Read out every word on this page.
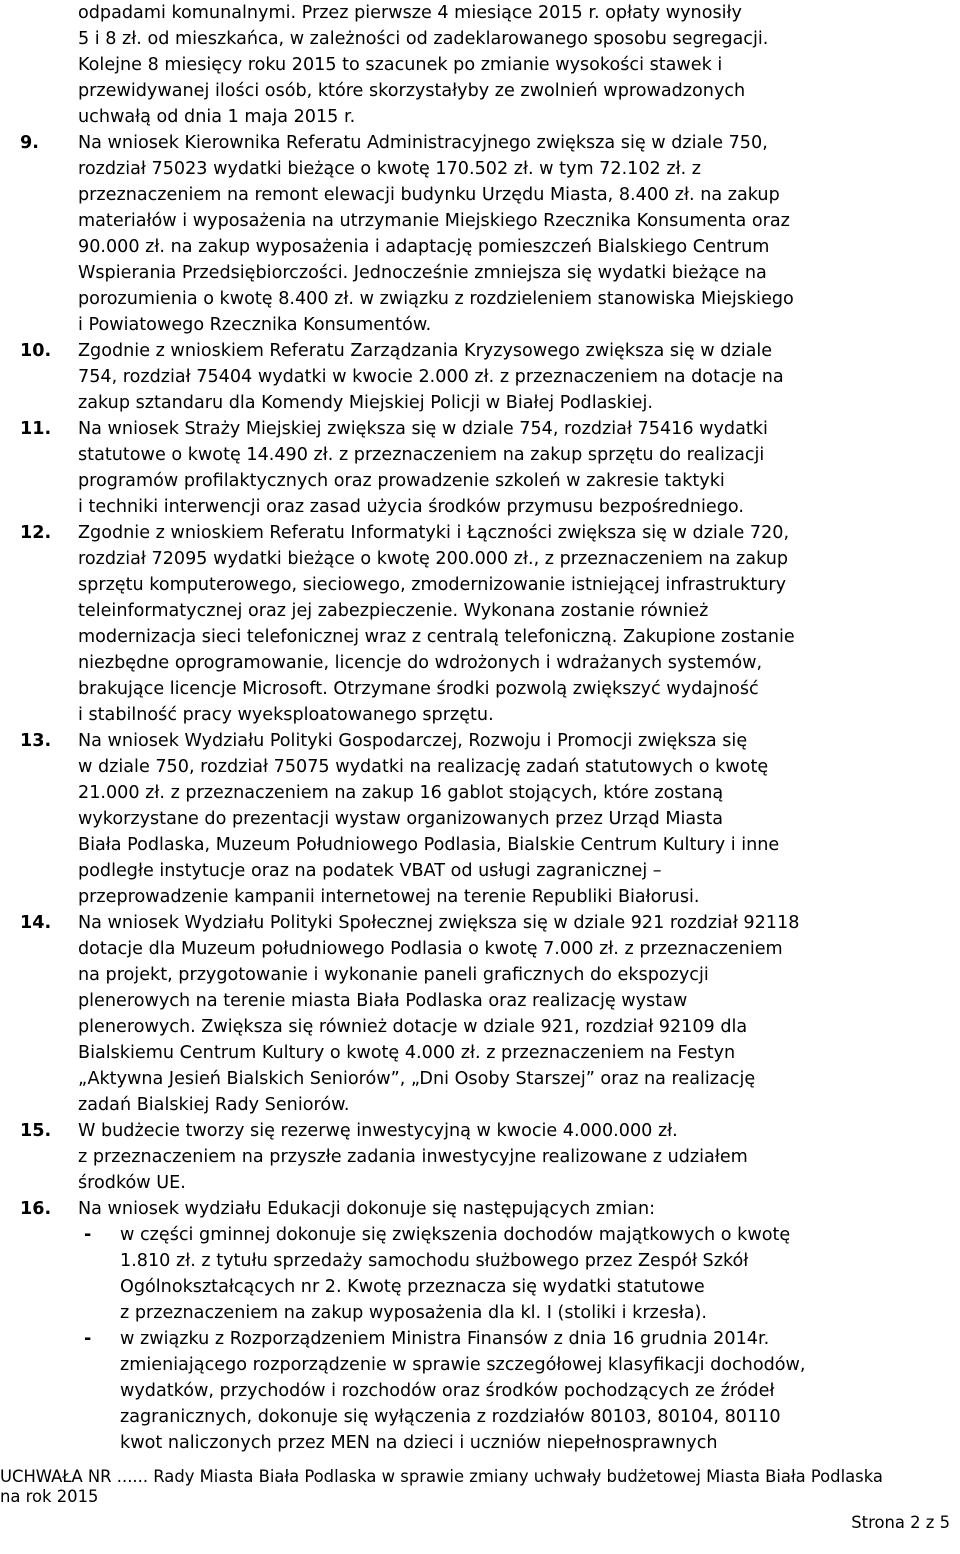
odpadami komunalnymi. Przez pierwsze 4 miesiące 2015 r. opłaty wynosiły
5 i 8 zł. od mieszkańca, w zależności od zadeklarowanego sposobu segregacji.
Kolejne 8 miesięcy roku 2015 to szacunek po zmianie wysokości stawek i
przewidywanej ilości osób, które skorzystałyby ze zwolnień wprowadzonych
uchwałą od dnia 1 maja 2015 r.
9. Na wniosek Kierownika Referatu Administracyjnego zwiększa się w dziale 750,
rozdział 75023 wydatki bieżące o kwotę 170.502 zł. w tym 72.102 zł. z
przeznaczeniem na remont elewacji budynku Urzędu Miasta, 8.400 zł. na zakup
materiałów i wyposażenia na utrzymanie Miejskiego Rzecznika Konsumenta oraz
90.000 zł. na zakup wyposażenia i adaptację pomieszczeń Bialskiego Centrum
Wspierania Przedsiębiorczości. Jednocześnie zmniejsza się wydatki bieżące na
porozumienia o kwotę 8.400 zł. w związku z rozdzieleniem stanowiska Miejskiego
i Powiatowego Rzecznika Konsumentów.
10. Zgodnie z wnioskiem Referatu Zarządzania Kryzysowego zwiększa się w dziale
754, rozdział 75404 wydatki w kwocie 2.000 zł. z przeznaczeniem na dotacje na
zakup sztandaru dla Komendy Miejskiej Policji w Białej Podlaskiej.
11. Na wniosek Straży Miejskiej zwiększa się w dziale 754, rozdział 75416 wydatki
statutowe o kwotę 14.490 zł. z przeznaczeniem na zakup sprzętu do realizacji
programów profilaktycznych oraz prowadzenie szkoleń w zakresie taktyki
i techniki interwencji oraz zasad użycia środków przymusu bezpośredniego.
12. Zgodnie z wnioskiem Referatu Informatyki i Łączności zwiększa się w dziale 720,
rozdział 72095 wydatki bieżące o kwotę 200.000 zł., z przeznaczeniem na zakup
sprzętu komputerowego, sieciowego, zmodernizowanie istniejącej infrastruktury
teleinformatycznej oraz jej zabezpieczenie. Wykonana zostanie również
modernizacja sieci telefonicznej wraz z centralą telefoniczną. Zakupione zostanie
niezbędne oprogramowanie, licencje do wdrożonych i wdrażanych systemów,
brakujące licencje Microsoft. Otrzymane środki pozwolą zwiększyć wydajność
i stabilność pracy wyeksploatowanego sprzętu.
13. Na wniosek Wydziału Polityki Gospodarczej, Rozwoju i Promocji zwiększa się
w dziale 750, rozdział 75075 wydatki na realizację zadań statutowych o kwotę
21.000 zł. z przeznaczeniem na zakup 16 gablot stojących, które zostaną
wykorzystane do prezentacji wystaw organizowanych przez Urząd Miasta
Biała Podlaska, Muzeum Południowego Podlasia, Bialskie Centrum Kultury i inne
podległe instytucje oraz na podatek VBAT od usługi zagranicznej –
przeprowadzenie kampanii internetowej na terenie Republiki Białorusi.
14. Na wniosek Wydziału Polityki Społecznej zwiększa się w dziale 921 rozdział 92118
dotacje dla Muzeum południowego Podlasia o kwotę 7.000 zł. z przeznaczeniem
na projekt, przygotowanie i wykonanie paneli graficznych do ekspozycji
plenerowych na terenie miasta Biała Podlaska oraz realizację wystaw
plenerowych. Zwiększa się również dotacje w dziale 921, rozdział 92109 dla
Bialskiemu Centrum Kultury o kwotę 4.000 zł. z przeznaczeniem na Festyn
„Aktywna Jesień Bialskich Seniorów”, „Dni Osoby Starszej” oraz na realizację
zadań Bialskiej Rady Seniorów.
15. W budżecie tworzy się rezerwę inwestycyjną w kwocie 4.000.000 zł.
z przeznaczeniem na przyszłe zadania inwestycyjne realizowane z udziałem
środków UE.
16. Na wniosek wydziału Edukacji dokonuje się następujących zmian:
- w części gminnej dokonuje się zwiększenia dochodów majątkowych o kwotę
1.810 zł. z tytułu sprzedaży samochodu służbowego przez Zespół Szkół
Ogólnokształcących nr 2. Kwotę przeznacza się wydatki statutowe
z przeznaczeniem na zakup wyposażenia dla kl. I (stoliki i krzesła).
- w związku z Rozporządzeniem Ministra Finansów z dnia 16 grudnia 2014r.
zmieniającego rozporządzenie w sprawie szczegółowej klasyfikacji dochodów,
wydatków, przychodów i rozchodów oraz środków pochodzących ze źródeł
zagranicznych, dokonuje się wyłączenia z rozdziałów 80103, 80104, 80110
kwot naliczonych przez MEN na dzieci i uczniów niepełnosprawnych
UCHWAŁA NR ...... Rady Miasta Biała Podlaska w sprawie zmiany uchwały budżetowej Miasta Biała Podlaska
na rok 2015
Strona 2 z 5
